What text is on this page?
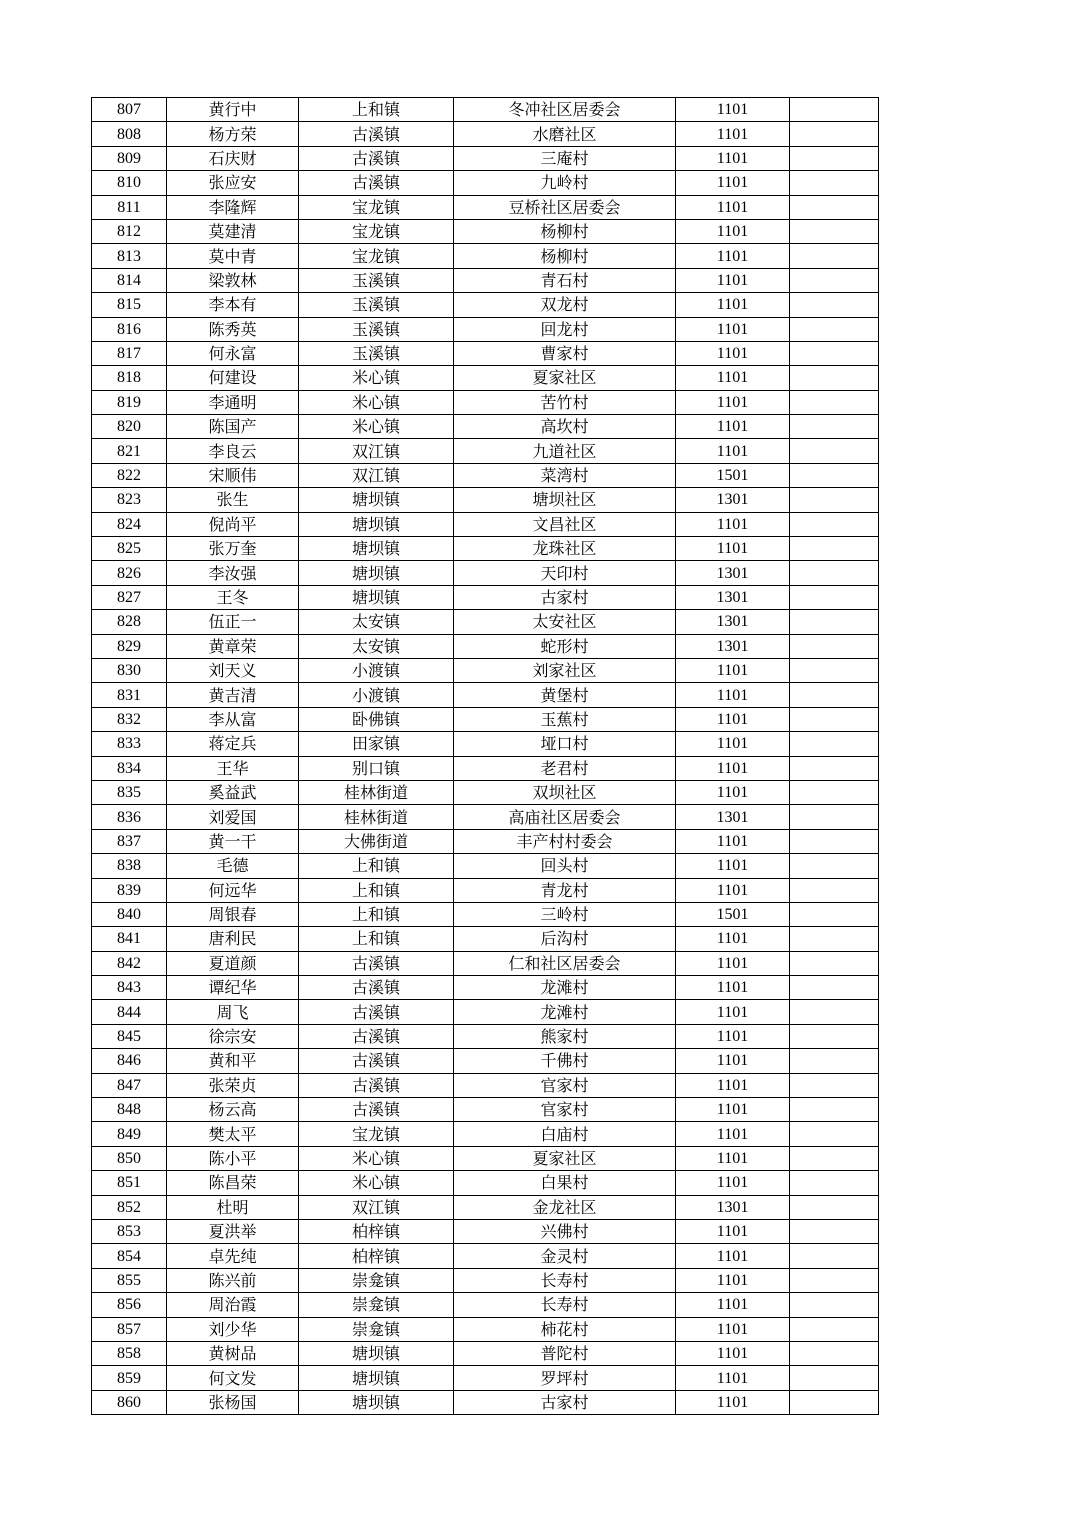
807	黄行中	上和镇	冬冲社区居委会	1101	
808	杨方荣	古溪镇	水磨社区	1101	
809	石庆财	古溪镇	三庵村	1101	
810	张应安	古溪镇	九岭村	1101	
811	李隆辉	宝龙镇	豆桥社区居委会	1101	
812	莫建清	宝龙镇	杨柳村	1101	
813	莫中青	宝龙镇	杨柳村	1101	
814	梁敦林	玉溪镇	青石村	1101	
815	李本有	玉溪镇	双龙村	1101	
816	陈秀英	玉溪镇	回龙村	1101	
817	何永富	玉溪镇	曹家村	1101	
818	何建设	米心镇	夏家社区	1101	
819	李通明	米心镇	苦竹村	1101	
820	陈国产	米心镇	高坎村	1101	
821	李良云	双江镇	九道社区	1101	
822	宋顺伟	双江镇	菜湾村	1501	
823	张生	塘坝镇	塘坝社区	1301	
824	倪尚平	塘坝镇	文昌社区	1101	
825	张万奎	塘坝镇	龙珠社区	1101	
826	李汝强	塘坝镇	天印村	1301	
827	王冬	塘坝镇	古家村	1301	
828	伍正一	太安镇	太安社区	1301	
829	黄章荣	太安镇	蛇形村	1301	
830	刘天义	小渡镇	刘家社区	1101	
831	黄吉清	小渡镇	黄堡村	1101	
832	李从富	卧佛镇	玉蕉村	1101	
833	蒋定兵	田家镇	垭口村	1101	
834	王华	别口镇	老君村	1101	
835	奚益武	桂林街道	双坝社区	1101	
836	刘爱国	桂林街道	高庙社区居委会	1301	
837	黄一干	大佛街道	丰产村村委会	1101	
838	毛德	上和镇	回头村	1101	
839	何远华	上和镇	青龙村	1101	
840	周银春	上和镇	三岭村	1501	
841	唐利民	上和镇	后沟村	1101	
842	夏道颜	古溪镇	仁和社区居委会	1101	
843	谭纪华	古溪镇	龙滩村	1101	
844	周飞	古溪镇	龙滩村	1101	
845	徐宗安	古溪镇	熊家村	1101	
846	黄和平	古溪镇	千佛村	1101	
847	张荣贞	古溪镇	官家村	1101	
848	杨云高	古溪镇	官家村	1101	
849	樊太平	宝龙镇	白庙村	1101	
850	陈小平	米心镇	夏家社区	1101	
851	陈昌荣	米心镇	白果村	1101	
852	杜明	双江镇	金龙社区	1301	
853	夏洪举	柏梓镇	兴佛村	1101	
854	卓先纯	柏梓镇	金灵村	1101	
855	陈兴前	崇龛镇	长寿村	1101	
856	周治霞	崇龛镇	长寿村	1101	
857	刘少华	崇龛镇	柿花村	1101	
858	黄树品	塘坝镇	普陀村	1101	
859	何文发	塘坝镇	罗坪村	1101	
860	张杨国	塘坝镇	古家村	1101	
